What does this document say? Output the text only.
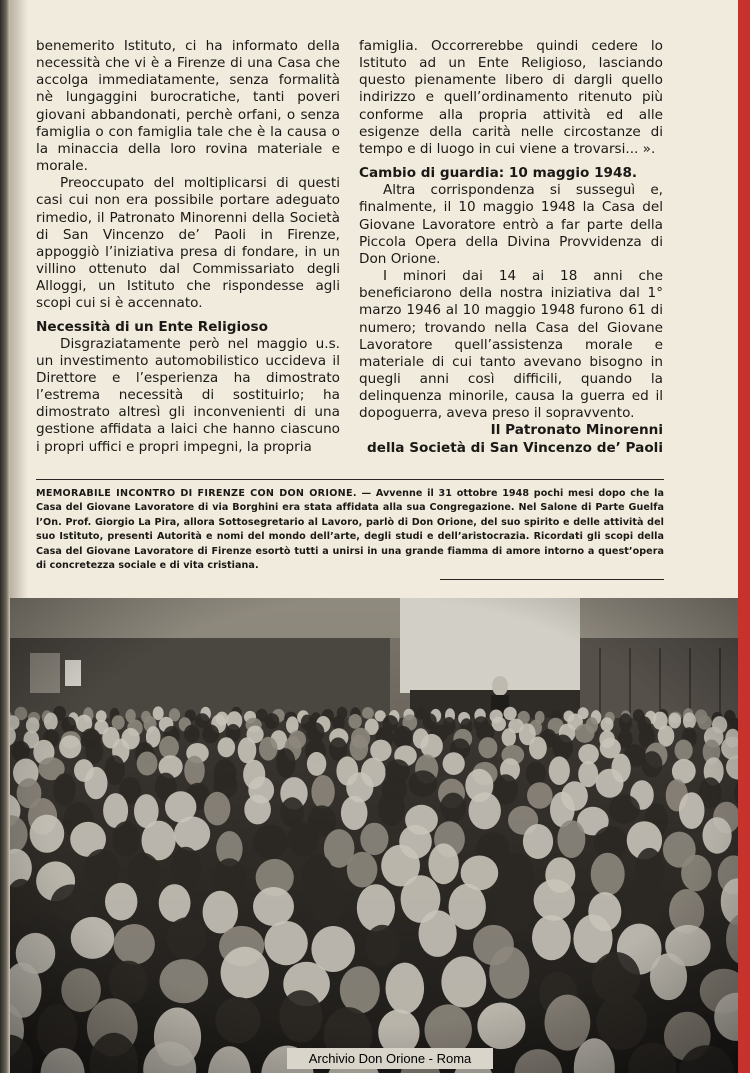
benemerito Istituto, ci ha informato della necessità che vi è a Firenze di una Casa che accolga immediatamente, senza formalità nè lungaggini burocratiche, tanti poveri giovani abbandonati, perchè orfani, o senza famiglia o con famiglia tale che è la causa o la minaccia della loro rovina materiale e morale.

Preoccupato del moltiplicarsi di questi casi cui non era possibile portare adeguato rimedio, il Patronato Minorenni della Società di San Vincenzo de’ Paoli in Firenze, appoggiò l’iniziativa presa di fondare, in un villino ottenuto dal Commissariato degli Alloggi, un Istituto che rispondesse agli scopi cui si è accennato.

Necessità di un Ente Religioso

Disgraziatamente però nel maggio u.s. un investimento automobilistico uccideva il Direttore e l’esperienza ha dimostrato l’estrema necessità di sostituirlo; ha dimostrato altresì gli inconvenienti di una gestione affidata a laici che hanno ciascuno i propri uffici e propri impegni, la propria

famiglia. Occorrerebbe quindi cedere lo Istituto ad un Ente Religioso, lasciando questo pienamente libero di dargli quello indirizzo e quell’ordinamento ritenuto più conforme alla propria attività ed alle esigenze della carità nelle circostanze di tempo e di luogo in cui viene a trovarsi... ».

Cambio di guardia: 10 maggio 1948.

Altra corrispondenza si susseguì e, finalmente, il 10 maggio 1948 la Casa del Giovane Lavoratore entrò a far parte della Piccola Opera della Divina Provvidenza di Don Orione.

I minori dai 14 ai 18 anni che beneficiarono della nostra iniziativa dal 1° marzo 1946 al 10 maggio 1948 furono 61 di numero; trovando nella Casa del Giovane Lavoratore quell’assistenza morale e materiale di cui tanto avevano bisogno in quegli anni così difficili, quando la delinquenza minorile, causa la guerra ed il dopoguerra, aveva preso il sopravvento.

Il Patronato Minorenni
della Società di San Vincenzo de’ Paoli
MEMORABILE INCONTRO DI FIRENZE CON DON ORIONE. — Avvenne il 31 ottobre 1948 pochi mesi dopo che la Casa del Giovane Lavoratore di via Borghini era stata affidata alla sua Congregazione. Nel Salone di Parte Guelfa l’On. Prof. Giorgio La Pira, allora Sottosegretario al Lavoro, parlò di Don Orione, del suo spirito e delle attività del suo Istituto, presenti Autorità e nomi del mondo dell’arte, degli studi e dell’aristocrazia. Ricordati gli scopi della Casa del Giovane Lavoratore di Firenze esortò tutti a unirsi in una grande fiamma di amore intorno a quest’opera di concretezza sociale e di vita cristiana.
Archivio Don Orione - Roma
